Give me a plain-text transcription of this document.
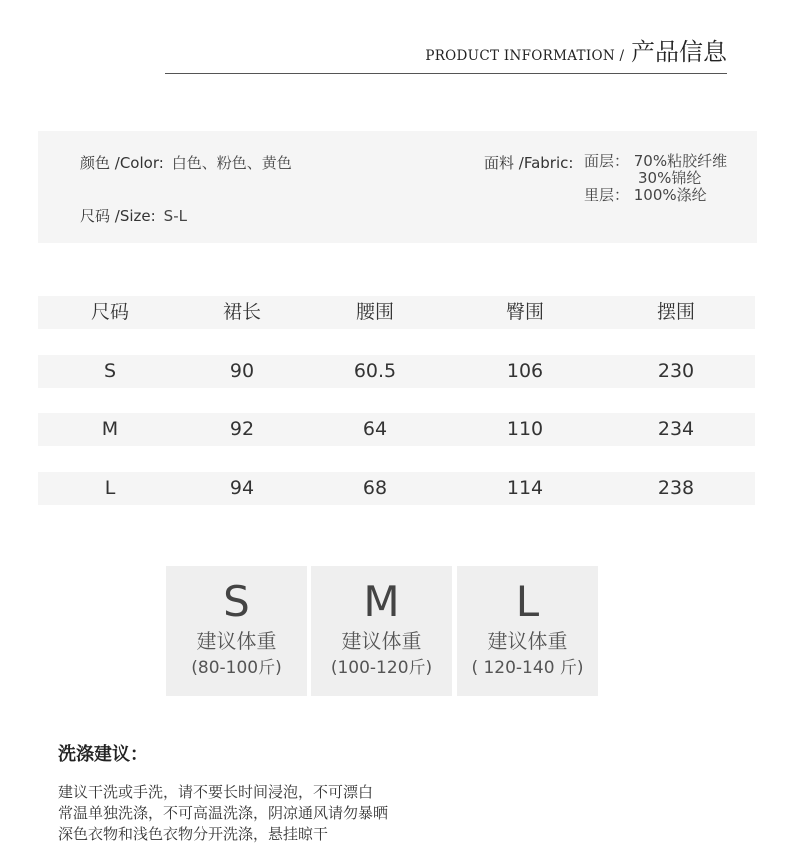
PRODUCT INFORMATION / 产品信息
颜色 /Color: 白色、粉色、黄色
尺码 /Size: S-L
面料 /Fabric: 面层： 70%粘胶纤维
30%锦纶
里层： 100%涤纶
尺码	裙长	腰围	臀围	摆围
S	90	60.5	106	230
M	92	64	110	234
L	94	68	114	238
S
建议体重
(80-100斤)
M
建议体重
(100-120斤)
L
建议体重
( 120-140 斤)
洗涤建议：
建议干洗或手洗，请不要长时间浸泡，不可漂白
常温单独洗涤，不可高温洗涤，阴凉通风请勿暴晒
深色衣物和浅色衣物分开洗涤，悬挂晾干
